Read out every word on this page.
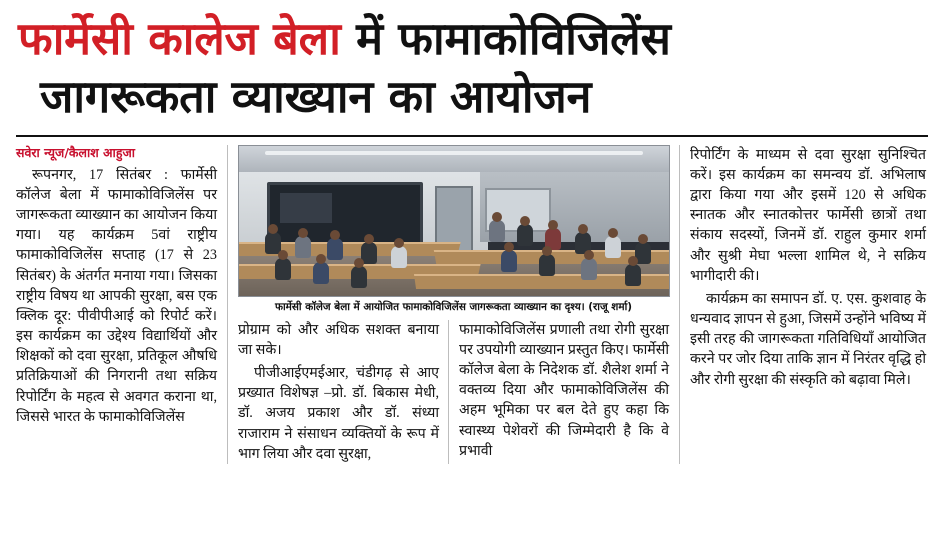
फार्मेसी कालेज बेला में फामाकोविजिलेंस
जागरूकता व्याख्यान का आयोजन
सवेरा न्यूज/कैलाश आहुजा

रूपनगर, 17 सितंबर : फार्मेसी कॉलेज बेला में फामाकोविजिलेंस पर जागरूकता व्याख्यान का आयोजन किया गया। यह कार्यक्रम 5वां राष्ट्रीय फामाकोविजिलेंस सप्ताह (17 से 23 सितंबर) के अंतर्गत मनाया गया। जिसका राष्ट्रीय विषय था आपकी सुरक्षा, बस एक क्लिक दूर: पीवीपीआई को रिपोर्ट करें। इस कार्यक्रम का उद्देश्य विद्यार्थियों और शिक्षकों को दवा सुरक्षा, प्रतिकूल औषधि प्रतिक्रियाओं की निगरानी तथा सक्रिय रिपोर्टिंग के महत्व से अवगत कराना था, जिससे भारत के फामाकोविजिलेंस

फार्मेसी कॉलेज बेला में आयोजित फामाकोविजिलेंस जागरूकता व्याख्यान का दृश्य। (राजू शर्मा)

प्रोग्राम को और अधिक सशक्त बनाया जा सके।

पीजीआईएमईआर, चंडीगढ़ से आए प्रख्यात विशेषज्ञ –प्रो. डॉ. बिकास मेधी, डॉ. अजय प्रकाश और डॉ. संध्या राजाराम ने संसाधन व्यक्तियों के रूप में भाग लिया और दवा सुरक्षा,

फामाकोविजिलेंस प्रणाली तथा रोगी सुरक्षा पर उपयोगी व्याख्यान प्रस्तुत किए। फार्मेसी कॉलेज बेला के निदेशक डॉ. शैलेश शर्मा ने वक्तव्य दिया और फामाकोविजिलेंस की अहम भूमिका पर बल देते हुए कहा कि स्वास्थ्य पेशेवरों की जिम्मेदारी है कि वे प्रभावी

रिपोर्टिंग के माध्यम से दवा सुरक्षा सुनिश्चित करें। इस कार्यक्रम का समन्वय डॉ. अभिलाष द्वारा किया गया और इसमें 120 से अधिक स्नातक और स्नातकोत्तर फार्मेसी छात्रों तथा संकाय सदस्यों, जिनमें डॉ. राहुल कुमार शर्मा और सुश्री मेघा भल्ला शामिल थे, ने सक्रिय भागीदारी की।

कार्यक्रम का समापन डॉ. ए. एस. कुशवाह के धन्यवाद ज्ञापन से हुआ, जिसमें उन्होंने भविष्य में इसी तरह की जागरूकता गतिविधियाँ आयोजित करने पर जोर दिया ताकि ज्ञान में निरंतर वृद्धि हो और रोगी सुरक्षा की संस्कृति को बढ़ावा मिले।
